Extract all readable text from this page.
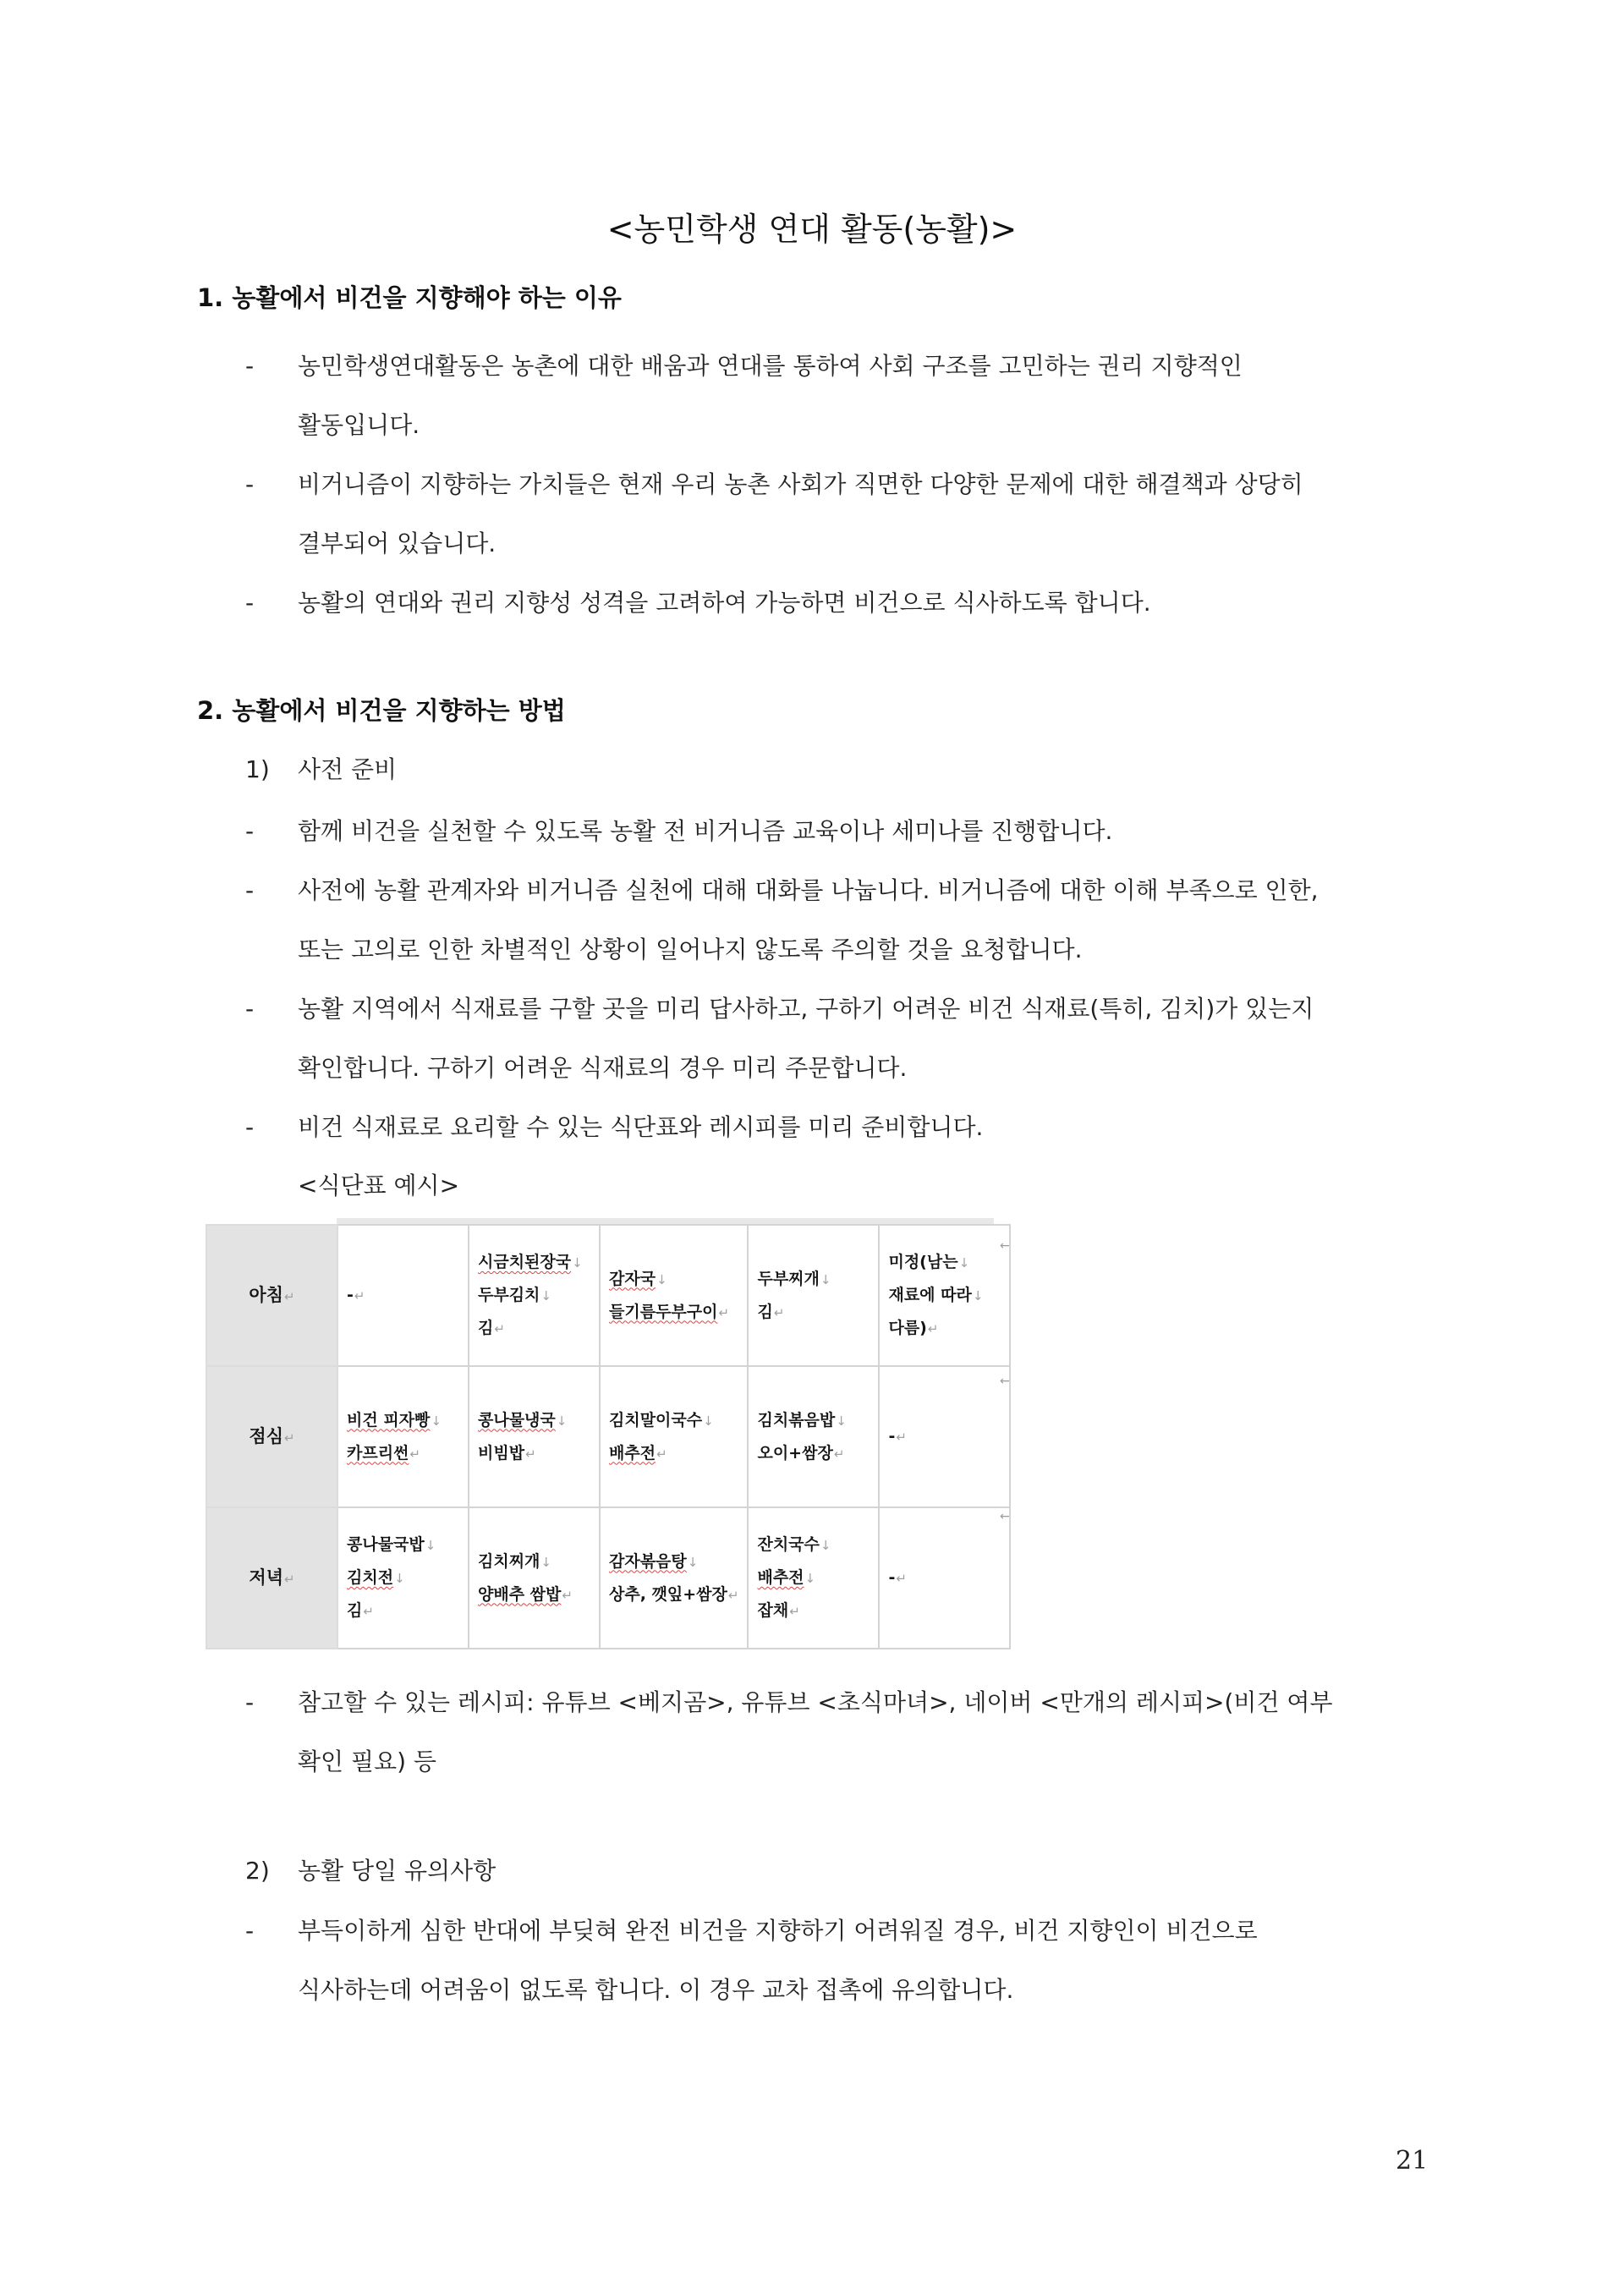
<농민학생 연대 활동(농활)>
1. 농활에서 비건을 지향해야 하는 이유
- 농민학생연대활동은 농촌에 대한 배움과 연대를 통하여 사회 구조를 고민하는 권리 지향적인
활동입니다.
- 비거니즘이 지향하는 가치들은 현재 우리 농촌 사회가 직면한 다양한 문제에 대한 해결책과 상당히
결부되어 있습니다.
- 농활의 연대와 권리 지향성 성격을 고려하여 가능하면 비건으로 식사하도록 합니다.
2. 농활에서 비건을 지향하는 방법
1) 사전 준비
- 함께 비건을 실천할 수 있도록 농활 전 비거니즘 교육이나 세미나를 진행합니다.
- 사전에 농활 관계자와 비거니즘 실천에 대해 대화를 나눕니다. 비거니즘에 대한 이해 부족으로 인한,
또는 고의로 인한 차별적인 상황이 일어나지 않도록 주의할 것을 요청합니다.
- 농활 지역에서 식재료를 구할 곳을 미리 답사하고, 구하기 어려운 비건 식재료(특히, 김치)가 있는지
확인합니다. 구하기 어려운 식재료의 경우 미리 주문합니다.
- 비건 식재료로 요리할 수 있는 식단표와 레시피를 미리 준비합니다.
<식단표 예시>
아침↵	-↵	시금치된장국↓
두부김치↓
김↵	감자국↓
들기름두부구이↵	두부찌개↓
김↵	미정(남는↓
재료에 따라↓
다름)↵

점심↵	비건 피자빵↓
카프리썬↵	콩나물냉국↓
비빔밥↵	김치말이국수↓
배추전↵	김치볶음밥↓
오이+쌈장↵	-↵

저녁↵	콩나물국밥↓
김치전↓
김↵	김치찌개↓
양배추 쌈밥↵	감자볶음탕↓
상추, 깻잎+쌈장↵	잔치국수↓
배추전↓
잡채↵	-↵
←
←
←
- 참고할 수 있는 레시피: 유튜브 <베지곰>, 유튜브 <초식마녀>, 네이버 <만개의 레시피>(비건 여부
확인 필요) 등
2) 농활 당일 유의사항
- 부득이하게 심한 반대에 부딪혀 완전 비건을 지향하기 어려워질 경우, 비건 지향인이 비건으로
식사하는데 어려움이 없도록 합니다. 이 경우 교차 접촉에 유의합니다.
21
